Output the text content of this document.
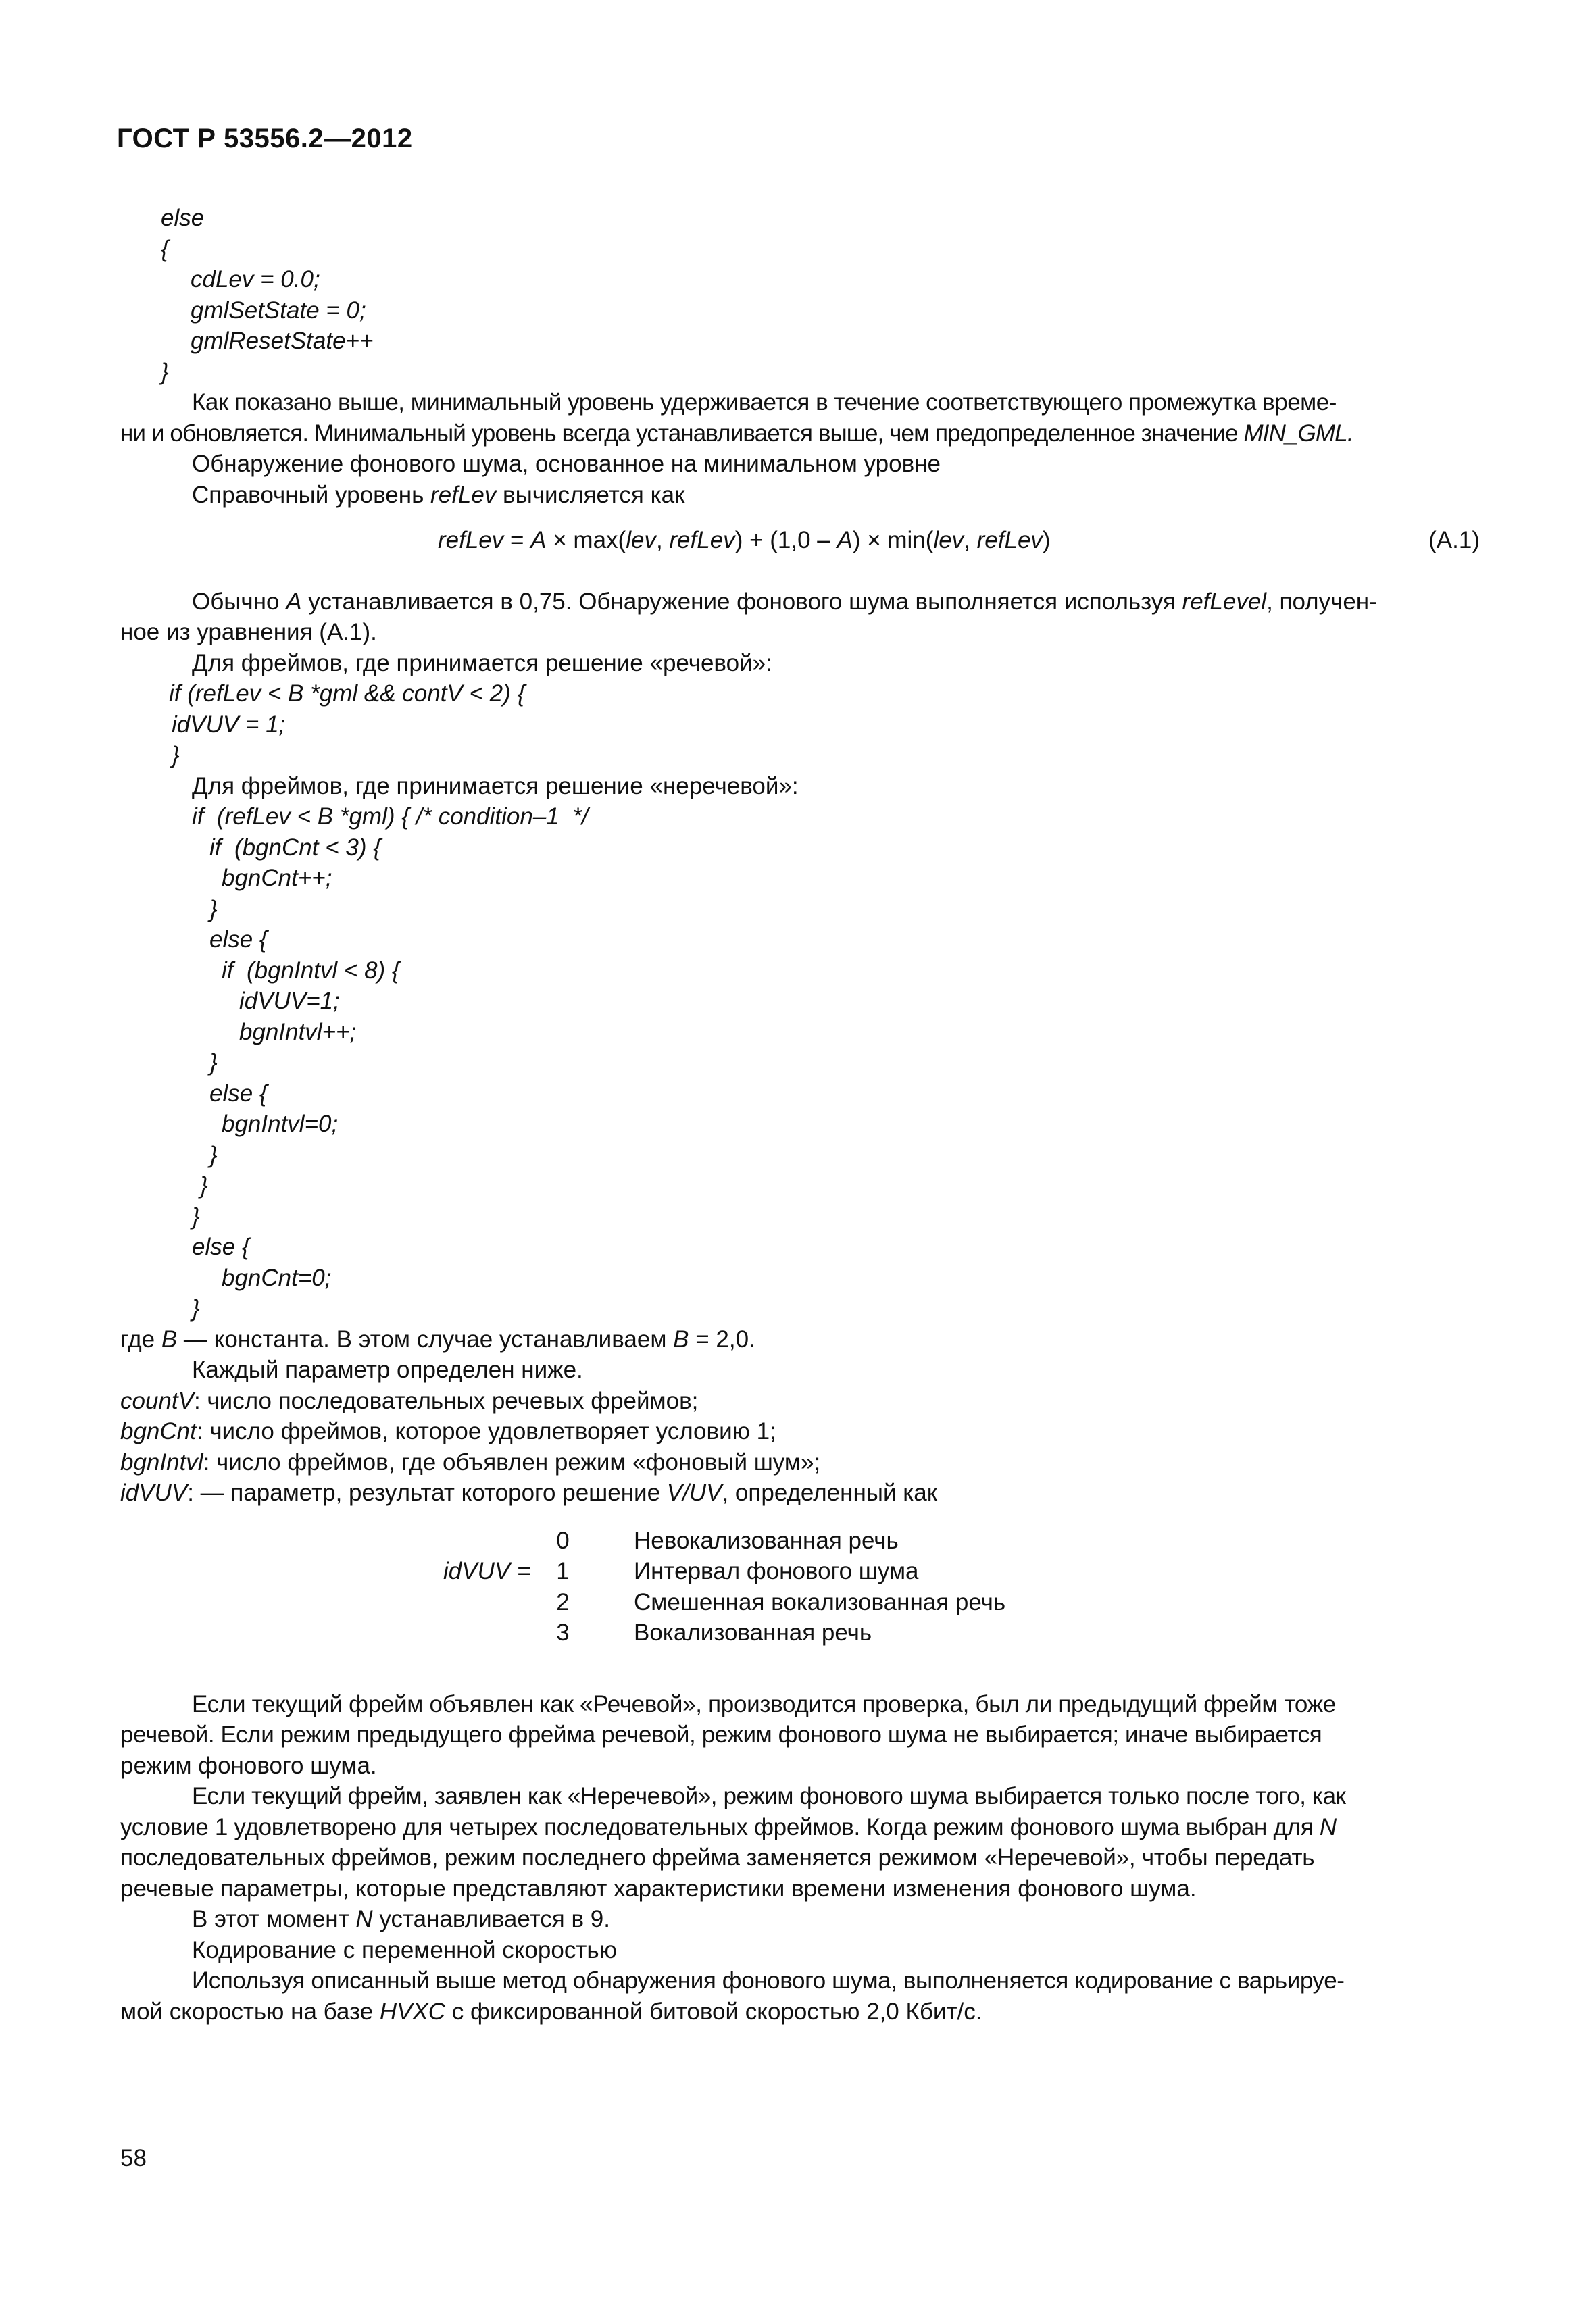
ГОСТ Р 53556.2—2012
else
{
cdLev = 0.0;
gmlSetState = 0;
gmlResetState++
}
Как показано выше, минимальный уровень удерживается в течение соответствующего промежутка време-
ни и обновляется. Минимальный уровень всегда устанавливается выше, чем предопределенное значение MIN_GML.
Обнаружение фонового шума, основанное на минимальном уровне
Справочный уровень refLev вычисляется как
refLev = A × max(lev, refLev) + (1,0 – A) × min(lev, refLev)	(А.1)
Обычно A устанавливается в 0,75. Обнаружение фонового шума выполняется используя refLevel, получен-
ное из уравнения (А.1).
Для фреймов, где принимается решение «речевой»:
if (refLev < B *gml && contV < 2) {
idVUV = 1;
}
Для фреймов, где принимается решение «неречевой»:
if  (refLev < B *gml) { /* condition–1  */
if  (bgnCnt < 3) {
bgnCnt++;
}
else {
if  (bgnIntvl < 8) {
idVUV=1;
bgnIntvl++;
}
else {
bgnIntvl=0;
}
}
}
else {
bgnCnt=0;
}
где B — константа. В этом случае устанавливаем B = 2,0.
Каждый параметр определен ниже.
countV: число последовательных речевых фреймов;
bgnCnt: число фреймов, которое удовлетворяет условию 1;
bgnIntvl: число фреймов, где объявлен режим «фоновый шум»;
idVUV: — параметр, результат которого решение V/UV, определенный как
idVUV =
0	Невокализованная речь
1	Интервал фонового шума
2	Смешенная вокализованная речь
3	Вокализованная речь
Если текущий фрейм объявлен как «Речевой», производится проверка, был ли предыдущий фрейм тоже
речевой. Если режим предыдущего фрейма речевой, режим фонового шума не выбирается; иначе выбирается
режим фонового шума.
Если текущий фрейм, заявлен как «Неречевой», режим фонового шума выбирается только после того, как
условие 1 удовлетворено для четырех последовательных фреймов. Когда режим фонового шума выбран для N
последовательных фреймов, режим последнего фрейма заменяется режимом «Неречевой», чтобы передать
речевые параметры, которые представляют характеристики времени изменения фонового шума.
В этот момент N устанавливается в 9.
Кодирование с переменной скоростью
Используя описанный выше метод обнаружения фонового шума, выполненяется кодирование с варьируе-
мой скоростью на базе HVXC с фиксированной битовой скоростью 2,0 Кбит/с.
58
